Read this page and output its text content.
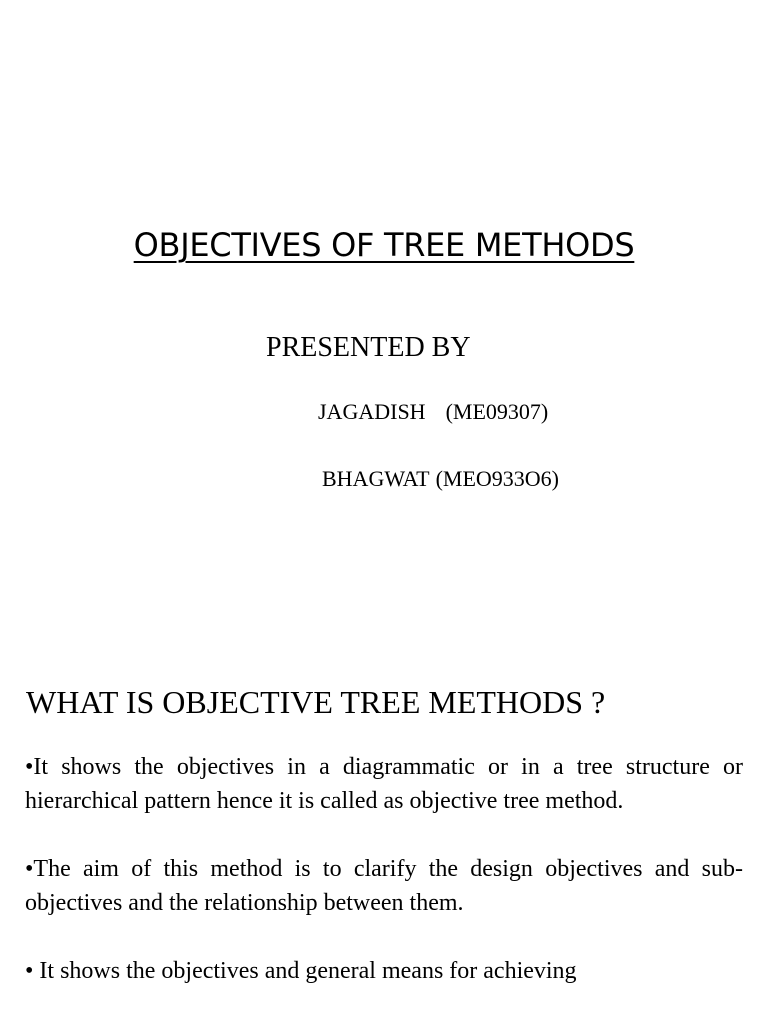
OBJECTIVES OF TREE METHODS
PRESENTED BY
JAGADISH (ME09307)
BHAGWAT (MEO933O6)
WHAT IS OBJECTIVE TREE METHODS ?
•It shows the objectives in a diagrammatic or in a tree structure or hierarchical pattern hence it is called as objective tree method.
•The aim of this method is to clarify the design objectives and sub-objectives and the relationship between them.
• It shows the objectives and general means for achieving
